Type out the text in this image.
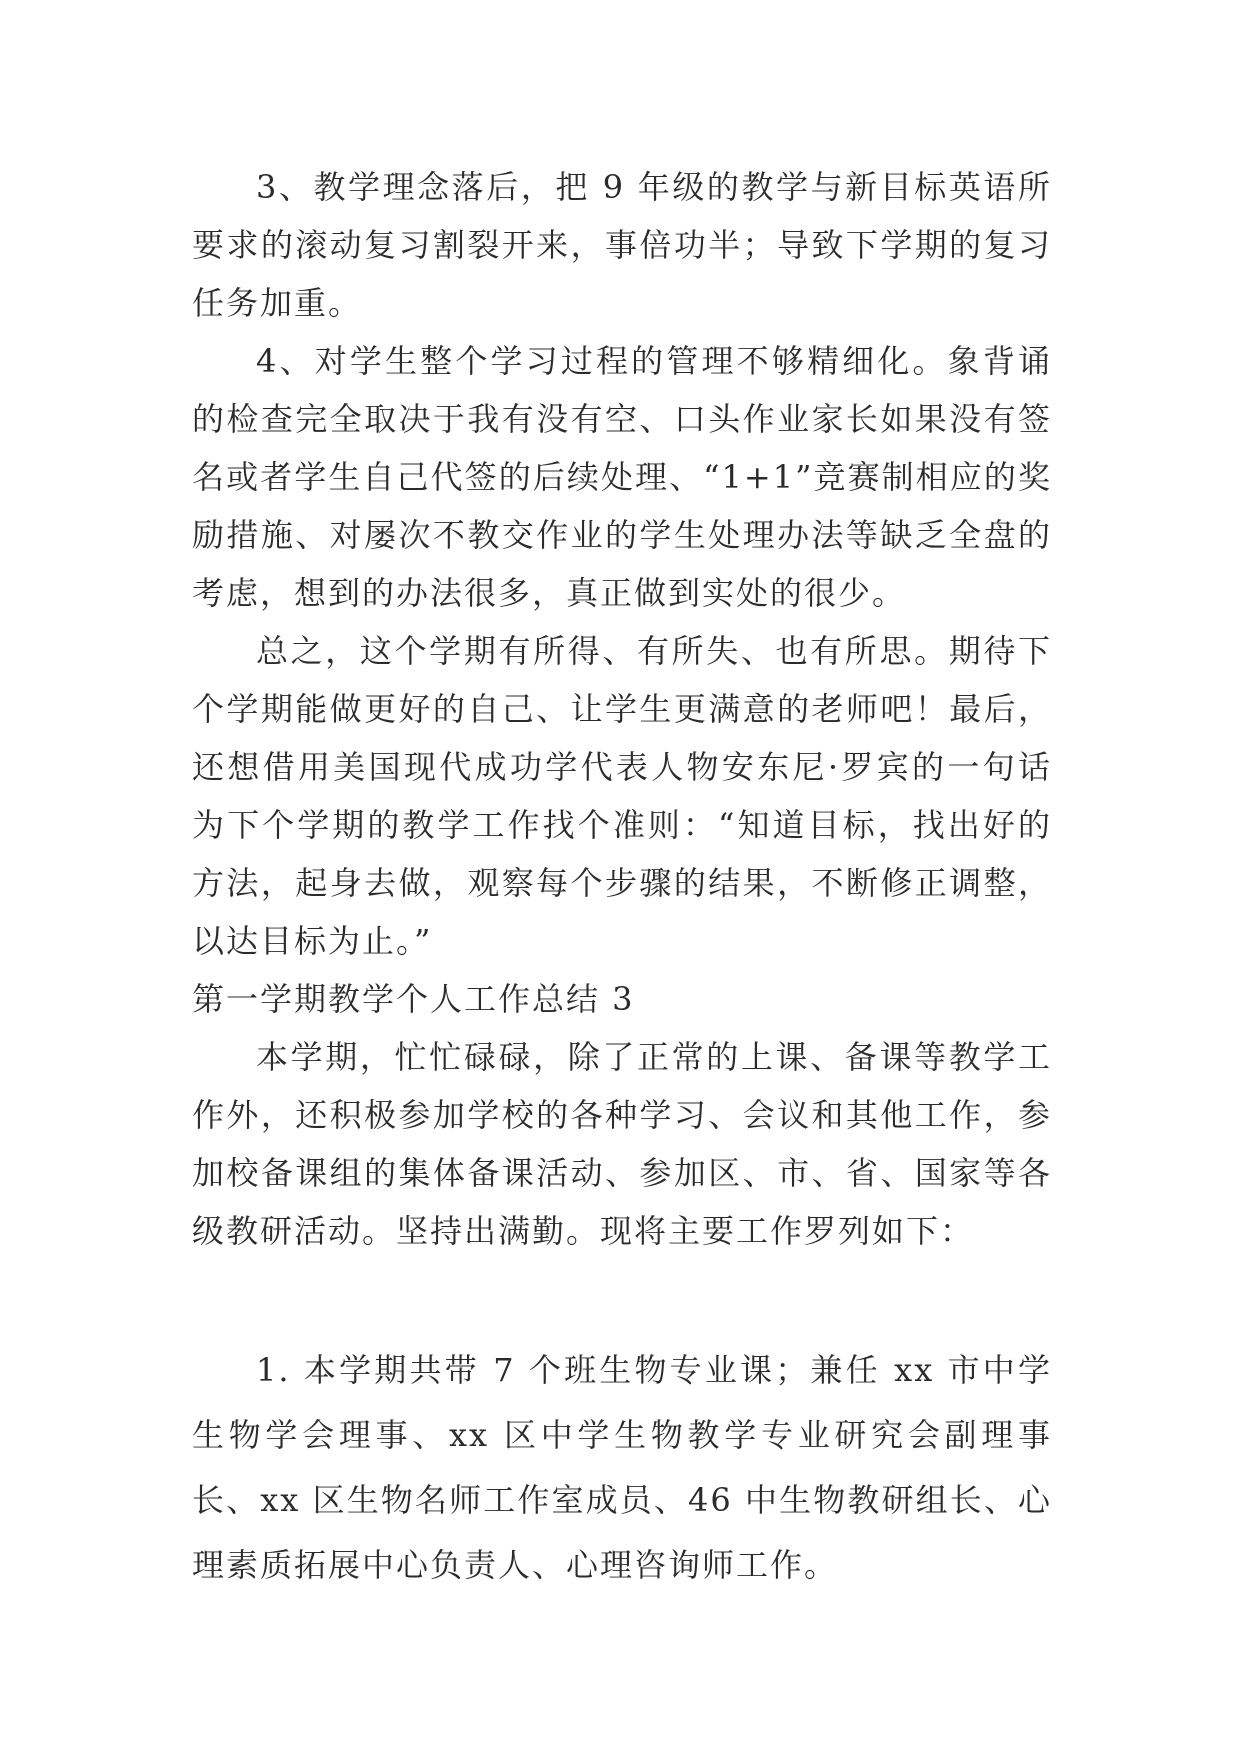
3、教学理念落后，把 9 年级的教学与新目标英语所要求的滚动复习割裂开来，事倍功半；导致下学期的复习任务加重。

4、对学生整个学习过程的管理不够精细化。象背诵的检查完全取决于我有没有空、口头作业家长如果没有签名或者学生自己代签的后续处理、“1+1”竞赛制相应的奖励措施、对屡次不教交作业的学生处理办法等缺乏全盘的考虑，想到的办法很多，真正做到实处的很少。

总之，这个学期有所得、有所失、也有所思。期待下个学期能做更好的自己、让学生更满意的老师吧！最后，还想借用美国现代成功学代表人物安东尼·罗宾的一句话为下个学期的教学工作找个准则：“知道目标，找出好的方法，起身去做，观察每个步骤的结果，不断修正调整，以达目标为止。”

第一学期教学个人工作总结 3

本学期，忙忙碌碌，除了正常的上课、备课等教学工作外，还积极参加学校的各种学习、会议和其他工作，参加校备课组的集体备课活动、参加区、市、省、国家等各级教研活动。坚持出满勤。现将主要工作罗列如下：

1. 本学期共带 7 个班生物专业课；兼任 xx 市中学生物学会理事、xx 区中学生物教学专业研究会副理事长、xx 区生物名师工作室成员、46 中生物教研组长、心理素质拓展中心负责人、心理咨询师工作。
